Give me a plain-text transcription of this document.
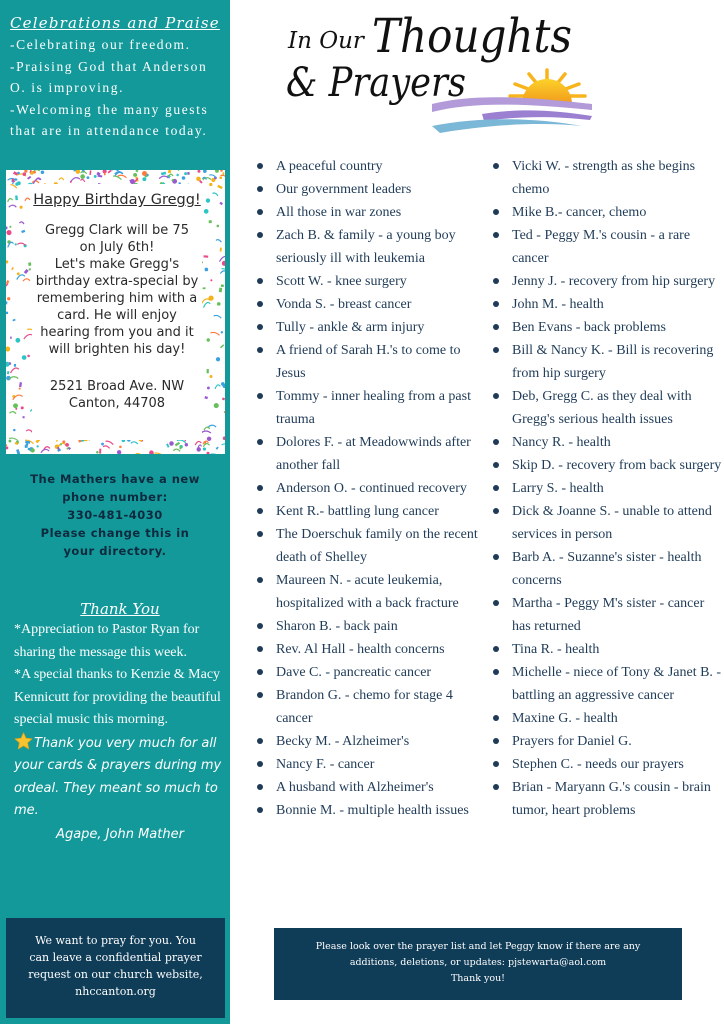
Celebrations and Praise
-Celebrating our freedom.
-Praising God that Anderson
O. is improving.
-Welcoming the many guests
that are in attendance today.
Happy Birthday Gregg!
Gregg Clark will be 75
on July 6th!
Let's make Gregg's
birthday extra-special by
remembering him with a
card. He will enjoy
hearing from you and it
will brighten his day!
2521 Broad Ave. NW
Canton, 44708
The Mathers have a new
phone number:
330-481-4030
Please change this in
your directory.
Thank You
*Appreciation to Pastor Ryan for sharing the message this week.
*A special thanks to Kenzie & Macy Kennicutt for providing the beautiful special music this morning.
Thank you very much for all your cards & prayers during my ordeal. They meant so much to me.
Agape, John Mather
We want to pray for you. You can leave a confidential prayer request on our church website, nhccanton.org
In Our Thoughts
& Prayers
A peaceful country
Our government leaders
All those in war zones
Zach B. & family - a young boy seriously ill with leukemia
Scott W. - knee surgery
Vonda S. - breast cancer
Tully - ankle & arm injury
A friend of Sarah H.'s to come to Jesus
Tommy - inner healing from a past trauma
Dolores F. - at Meadowwinds after another fall
Anderson O. - continued recovery
Kent R.- battling lung cancer
The Doerschuk family on the recent death of Shelley
Maureen N. - acute leukemia, hospitalized with a back fracture
Sharon B. - back pain
Rev. Al Hall - health concerns
Dave C. - pancreatic cancer
Brandon G. - chemo for stage 4 cancer
Becky M. - Alzheimer's
Nancy F. - cancer
A husband with Alzheimer's
Bonnie M. - multiple health issues
Vicki W. - strength as she begins chemo
Mike B.- cancer, chemo
Ted - Peggy M.'s cousin - a rare cancer
Jenny J. - recovery from hip surgery
John M. - health
Ben Evans - back problems
Bill & Nancy K. - Bill is recovering from hip surgery
Deb, Gregg C. as they deal with Gregg's serious health issues
Nancy R. - health
Skip D. - recovery from back surgery
Larry S. - health
Dick & Joanne S. - unable to attend services in person
Barb A. - Suzanne's sister - health concerns
Martha - Peggy M's sister - cancer has returned
Tina R. - health
Michelle - niece of Tony & Janet B. - battling an aggressive cancer
Maxine G. - health
Prayers for Daniel G.
Stephen C. - needs our prayers
Brian - Maryann G.'s cousin - brain tumor, heart problems
Please look over the prayer list and let Peggy know if there are any
additions, deletions, or updates: pjstewarta@aol.com
Thank you!
